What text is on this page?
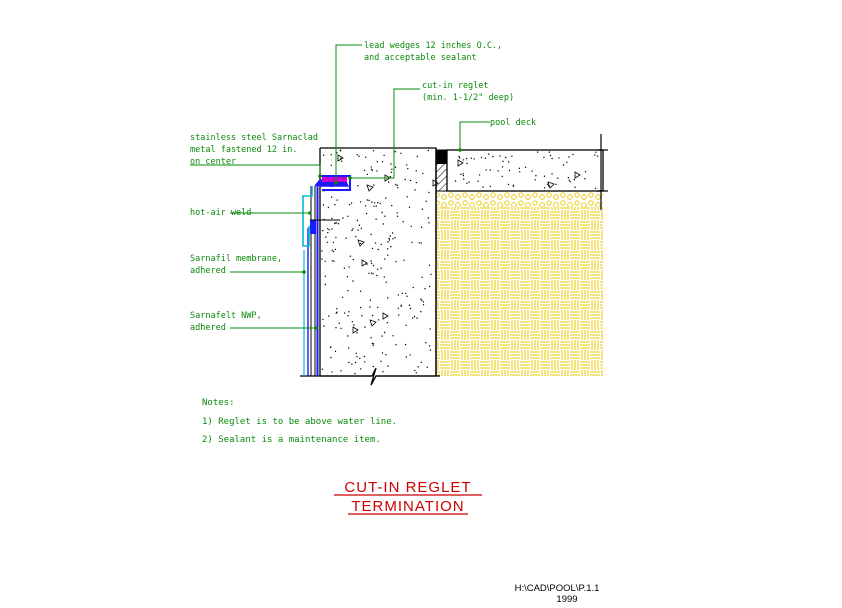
lead wedges 12 inches O.C.,
and acceptable sealant
cut-in reglet
(min. 1-1/2" deep)
pool deck
stainless steel Sarnaclad
metal fastened 12 in.
on center
hot-air weld
Sarnafil membrane,
adhered
Sarnafelt NWP,
adhered
Notes:
1) Reglet is to be above water line.
2) Sealant is a maintenance item.
CUT-IN REGLET
TERMINATION
H:\CAD\POOL\P.1.1
1999
